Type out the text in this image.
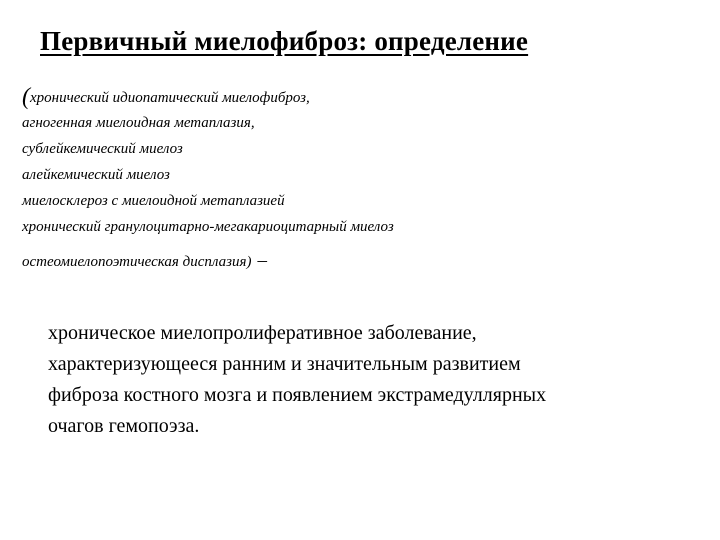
Первичный миелофиброз: определение
(хронический идиопатический миелофиброз,
агногенная миелоидная метаплазия,
сублейкемический миелоз
алейкемический миелоз
миелосклероз с миелоидной метаплазией
хронический гранулоцитарно-мегакариоцитарный миелоз
остеомиелопоэтическая дисплазия) –

хроническое миелопролиферативное заболевание,
характеризующееся ранним и значительным развитием
фиброза костного мозга и появлением экстрамедуллярных
очагов гемопоэза.
